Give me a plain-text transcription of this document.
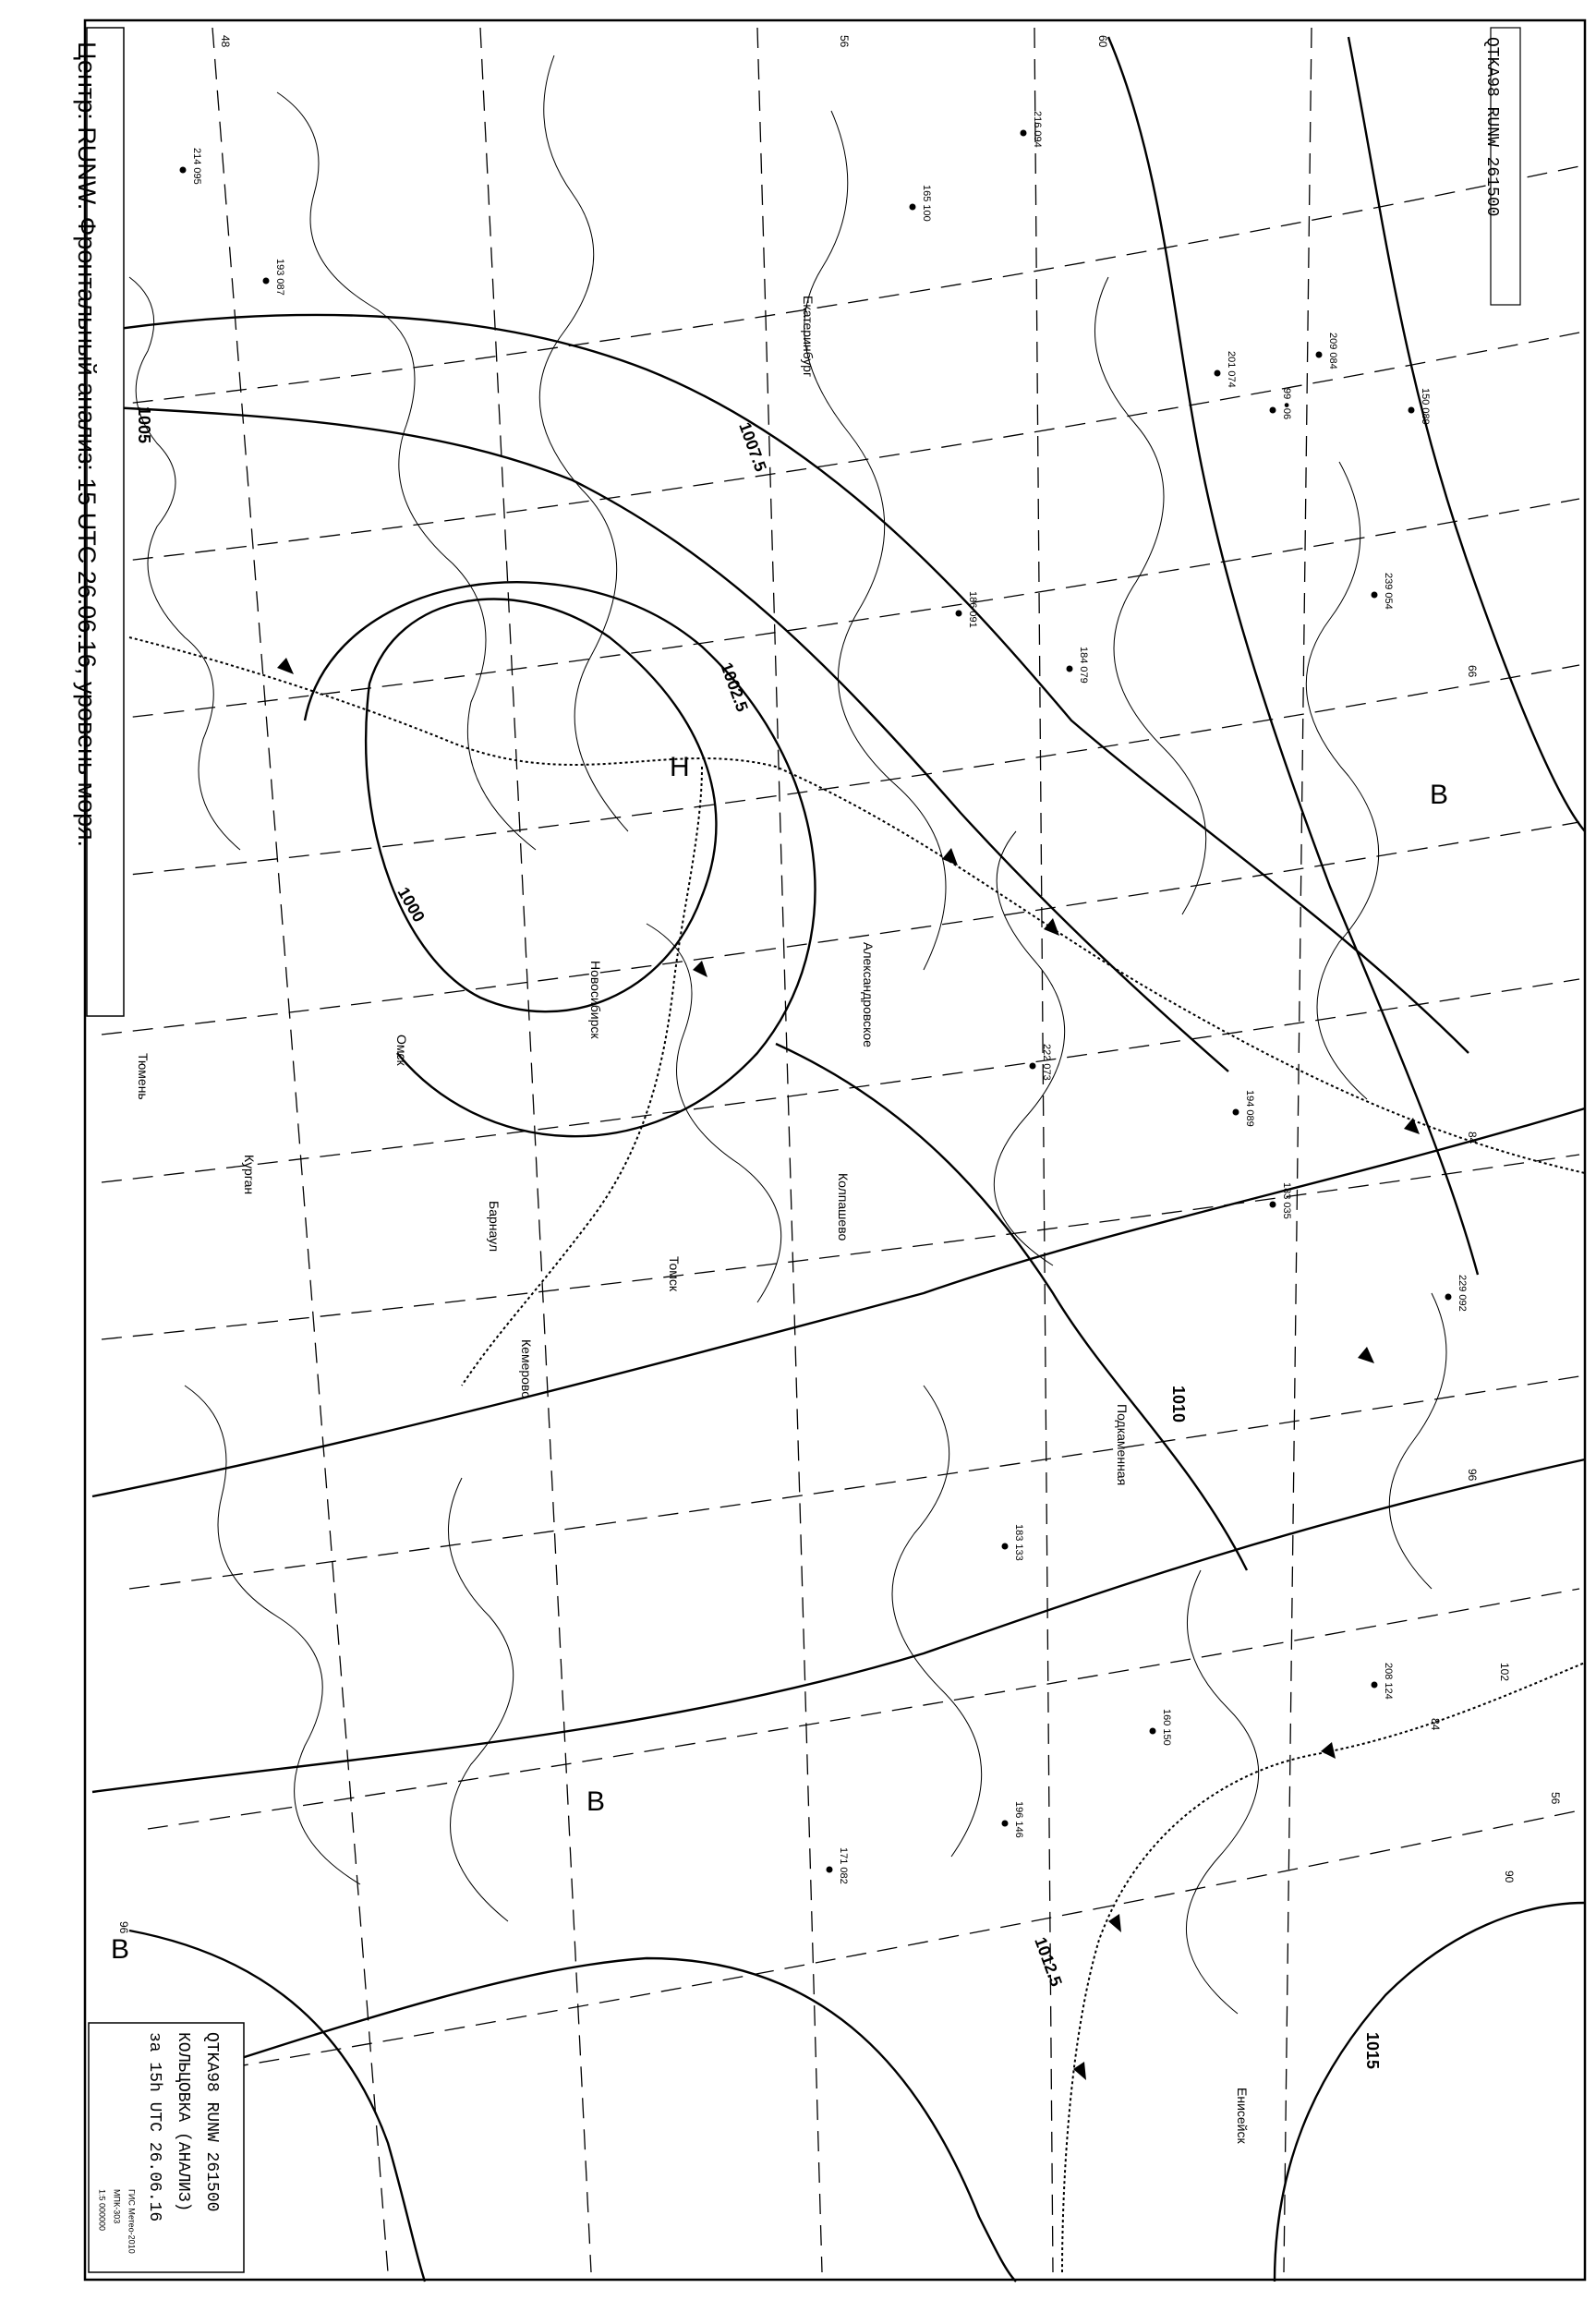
Н
В
В
В
1000
1002.5
1005	1007.5
1010
1012.5
1015
84
96
102
96
90
84
48	56	60
56
66
Екатеринбург
Омск
Новосибирск
Томск
Кемерово
Барнаул
Александровское
Колпашево
Тюмень
Курган
Подкаменная
Енисейск
209 084
99 ●06
201 074
216 094
184 079
193 087
165 100
239 054
222 073
194 089
183 035
214 095
208 124
196 146
171 082
186 091
229 092
150 089
183 133
160 150
Центр: RUNW. Фронтальный анализ: 15 UTC 26.06.16, уровень моря.	QTKA98 RUNW 261500
QTKA98 RUNW 261500
КОЛЬЦОВКА (АНАЛИЗ)
за 15h UTC 26.06.16
ГИС Метео-2010
МПК-303
1:5 000000
